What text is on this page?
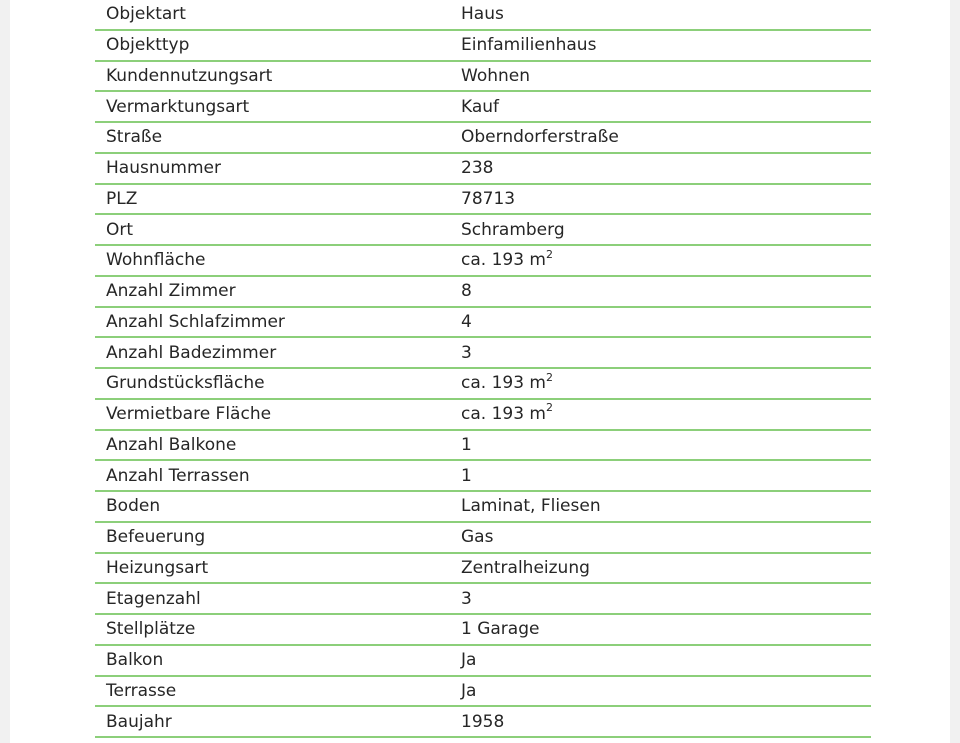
Objektart	Haus
Objekttyp	Einfamilienhaus
Kundennutzungsart	Wohnen
Vermarktungsart	Kauf
Straße	Oberndorferstraße
Hausnummer	238
PLZ	78713
Ort	Schramberg
Wohnfläche	ca. 193 $m^2$
Anzahl Zimmer	8
Anzahl Schlafzimmer	4
Anzahl Badezimmer	3
Grundstücksfläche	ca. 193 $m^2$
Vermietbare Fläche	ca. 193 $m^2$
Anzahl Balkone	1
Anzahl Terrassen	1
Boden	Laminat, Fliesen
Befeuerung	Gas
Heizungsart	Zentralheizung
Etagenzahl	3
Stellplätze	1 Garage
Balkon	Ja
Terrasse	Ja
Baujahr	1958
